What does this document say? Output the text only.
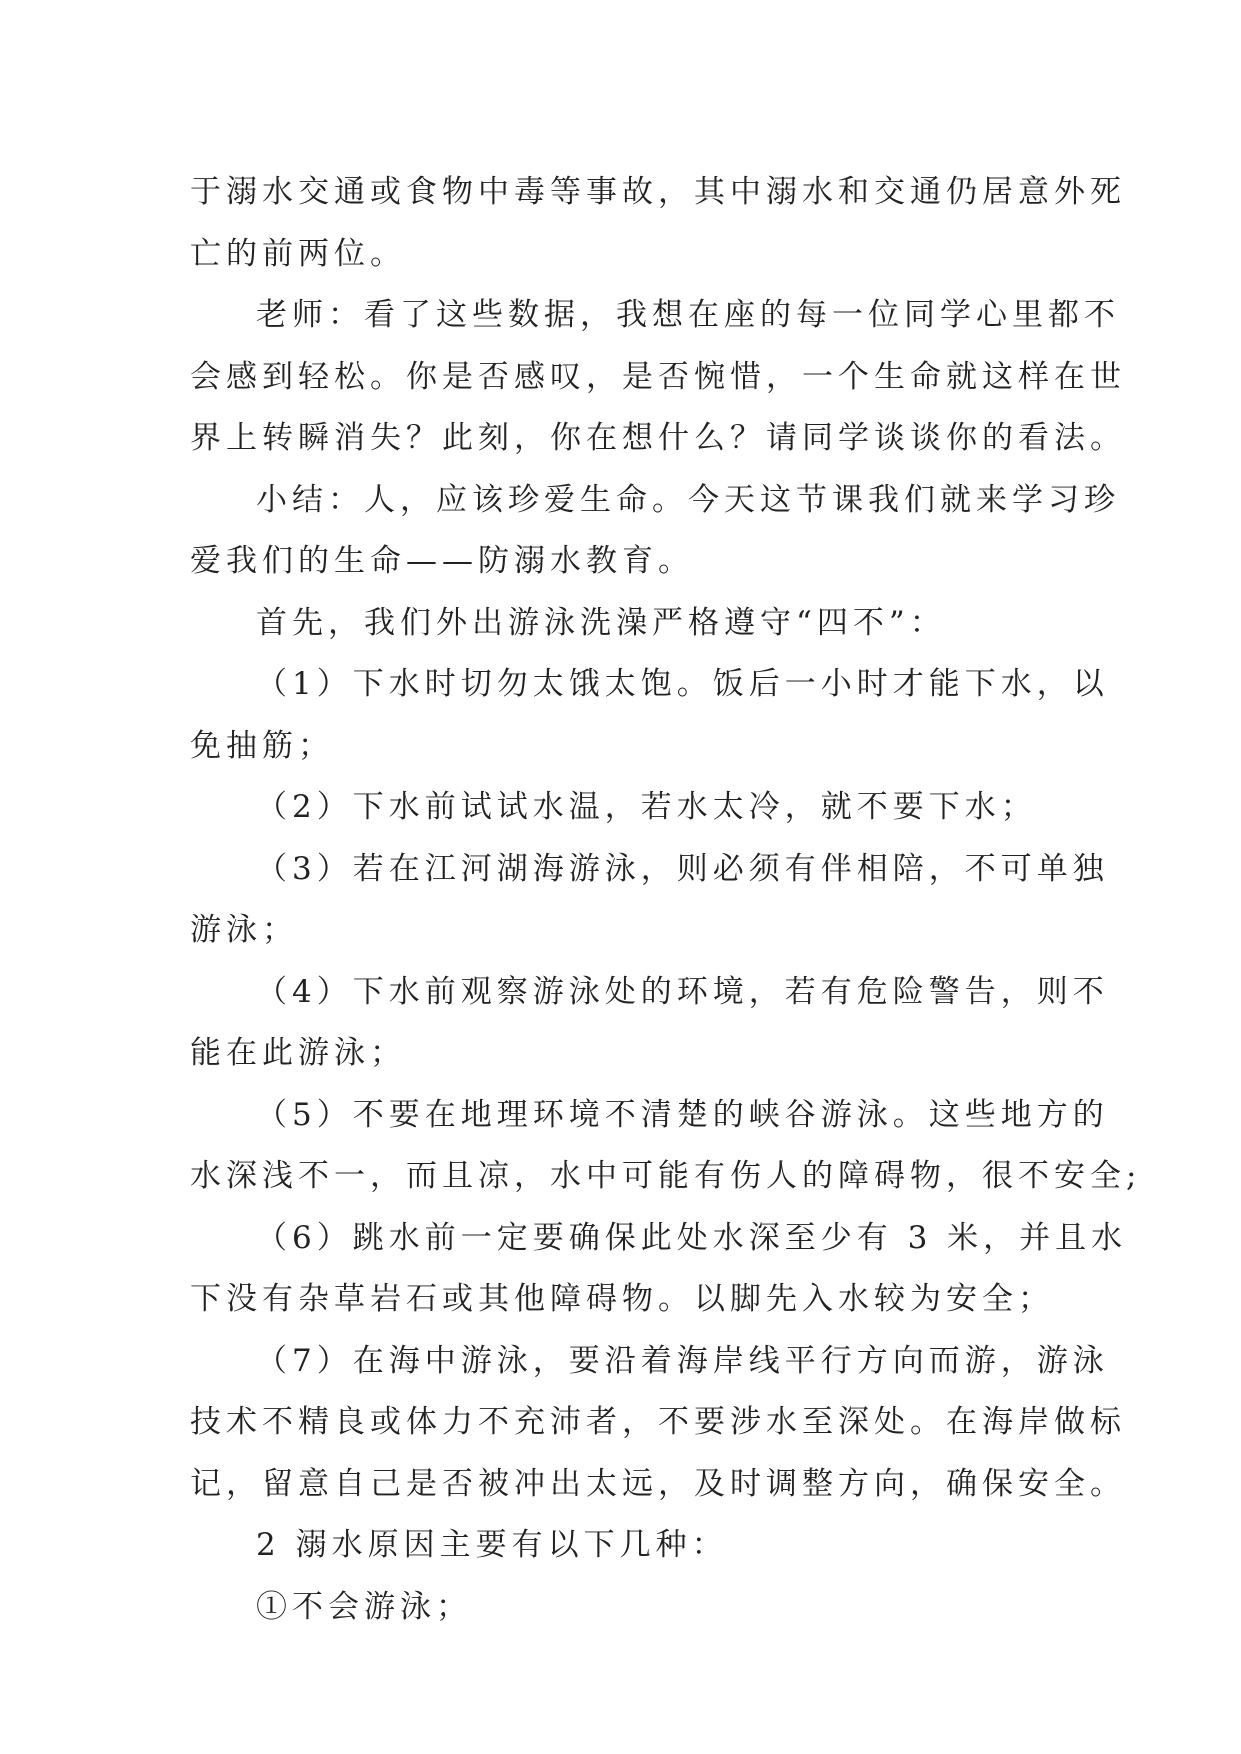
于溺水交通或食物中毒等事故，其中溺水和交通仍居意外死
亡的前两位。

老师：看了这些数据，我想在座的每一位同学心里都不
会感到轻松。你是否感叹，是否惋惜，一个生命就这样在世
界上转瞬消失？此刻，你在想什么？请同学谈谈你的看法。

小结：人，应该珍爱生命。今天这节课我们就来学习珍
爱我们的生命——防溺水教育。

首先，我们外出游泳洗澡严格遵守“四不”：

（1）下水时切勿太饿太饱。饭后一小时才能下水，以
免抽筋；

（2）下水前试试水温，若水太冷，就不要下水；

（3）若在江河湖海游泳，则必须有伴相陪，不可单独
游泳；

（4）下水前观察游泳处的环境，若有危险警告，则不
能在此游泳；

（5）不要在地理环境不清楚的峡谷游泳。这些地方的
水深浅不一，而且凉，水中可能有伤人的障碍物，很不安全;

（6）跳水前一定要确保此处水深至少有 3 米，并且水
下没有杂草岩石或其他障碍物。以脚先入水较为安全；

（7）在海中游泳，要沿着海岸线平行方向而游，游泳
技术不精良或体力不充沛者，不要涉水至深处。在海岸做标
记，留意自己是否被冲出太远，及时调整方向，确保安全。

2 溺水原因主要有以下几种：

①不会游泳；
